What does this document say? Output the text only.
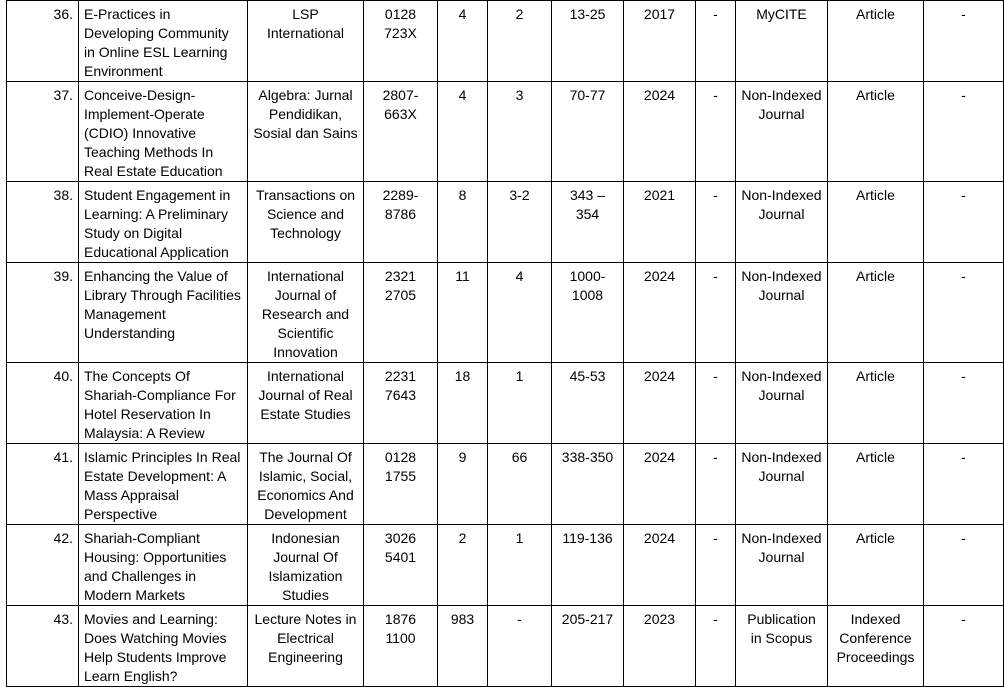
36.	E-Practices in Developing Community in Online ESL Learning Environment	LSP International	0128 723X	4	2	13-25	2017	-	MyCITE	Article	-
37.	Conceive-Design-Implement-Operate (CDIO) Innovative Teaching Methods In Real Estate Education	Algebra: Jurnal Pendidikan, Sosial dan Sains	2807-663X	4	3	70-77	2024	-	Non-Indexed Journal	Article	-
38.	Student Engagement in Learning: A Preliminary Study on Digital Educational Application	Transactions on Science and Technology	2289-8786	8	3-2	343 – 354	2021	-	Non-Indexed Journal	Article	-
39.	Enhancing the Value of Library Through Facilities Management Understanding	International Journal of Research and Scientific Innovation	2321 2705	11	4	1000-1008	2024	-	Non-Indexed Journal	Article	-
40.	The Concepts Of Shariah-Compliance For Hotel Reservation In Malaysia: A Review	International Journal of Real Estate Studies	2231 7643	18	1	45-53	2024	-	Non-Indexed Journal	Article	-
41.	Islamic Principles In Real Estate Development: A Mass Appraisal Perspective	The Journal Of Islamic, Social, Economics And Development	0128 1755	9	66	338-350	2024	-	Non-Indexed Journal	Article	-
42.	Shariah-Compliant Housing: Opportunities and Challenges in Modern Markets	Indonesian Journal Of Islamization Studies	3026 5401	2	1	119-136	2024	-	Non-Indexed Journal	Article	-
43.	Movies and Learning: Does Watching Movies Help Students Improve Learn English?	Lecture Notes in Electrical Engineering	1876 1100	983	-	205-217	2023	-	Publication in Scopus	Indexed Conference Proceedings	-
